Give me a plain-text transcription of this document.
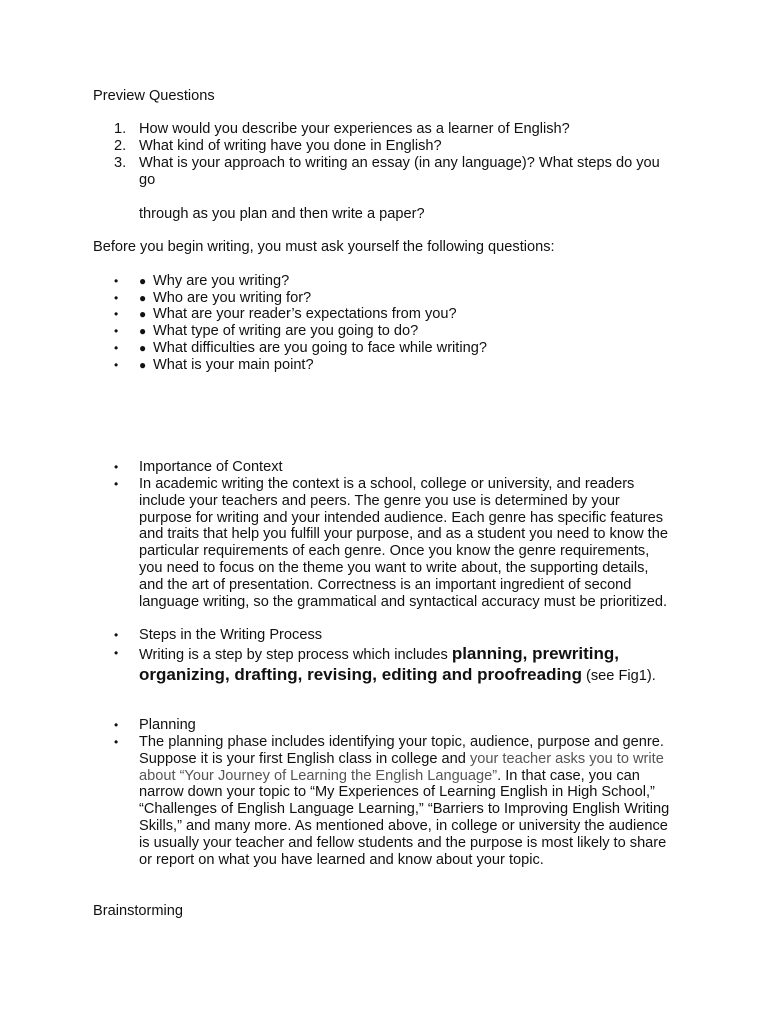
Preview Questions
1. How would you describe your experiences as a learner of English?
2. What kind of writing have you done in English?
3. What is your approach to writing an essay (in any language)? What steps do you go
through as you plan and then write a paper?
Before you begin writing, you must ask yourself the following questions:
• ● Why are you writing?
• ● Who are you writing for?
• ● What are your reader’s expectations from you?
• ● What type of writing are you going to do?
• ● What difficulties are you going to face while writing?
• ● What is your main point?
• Importance of Context
• In academic writing the context is a school, college or university, and readers include your teachers and peers. The genre you use is determined by your purpose for writing and your intended audience. Each genre has specific features and traits that help you fulfill your purpose, and as a student you need to know the particular requirements of each genre. Once you know the genre requirements, you need to focus on the theme you want to write about, the supporting details, and the art of presentation. Correctness is an important ingredient of second language writing, so the grammatical and syntactical accuracy must be prioritized.
• Steps in the Writing Process
• Writing is a step by step process which includes planning, prewriting, organizing, drafting, revising, editing and proofreading (see Fig1).
• Planning
• The planning phase includes identifying your topic, audience, purpose and genre. Suppose it is your first English class in college and your teacher asks you to write about “Your Journey of Learning the English Language”. In that case, you can narrow down your topic to “My Experiences of Learning English in High School,” “Challenges of English Language Learning,” “Barriers to Improving English Writing Skills,” and many more. As mentioned above, in college or university the audience is usually your teacher and fellow students and the purpose is most likely to share or report on what you have learned and know about your topic.
Brainstorming
